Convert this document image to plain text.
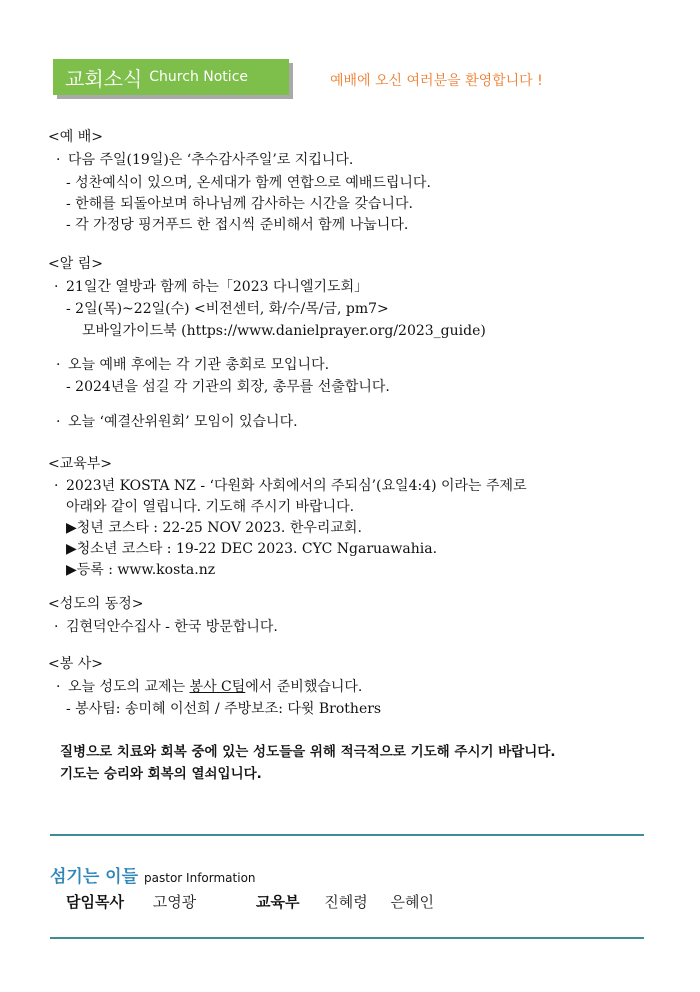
교회소식 Church Notice	예배에 오신 여러분을 환영합니다 !
<예 배>
· 다음 주일(19일)은 ‘추수감사주일’로 지킵니다.
- 성찬예식이 있으며, 온세대가 함께 연합으로 예배드립니다.
- 한해를 되돌아보며 하나님께 감사하는 시간을 갖습니다.
- 각 가정당 핑거푸드 한 접시씩 준비해서 함께 나눕니다.
<알 림>
· 21일간 열방과 함께 하는「2023 다니엘기도회」
- 2일(목)~22일(수) <비전센터, 화/수/목/금, pm7>
모바일가이드북 (https://www.danielprayer.org/2023_guide)
· 오늘 예배 후에는 각 기관 총회로 모입니다.
- 2024년을 섬길 각 기관의 회장, 총무를 선출합니다.
· 오늘 ‘예결산위원회’ 모임이 있습니다.
<교육부>
· 2023년 KOSTA NZ - ‘다원화 사회에서의 주되심’(요일4:4) 이라는 주제로
아래와 같이 열립니다. 기도해 주시기 바랍니다.
▶청년 코스타 : 22-25 NOV 2023. 한우리교회.
▶청소년 코스타 : 19-22 DEC 2023. CYC Ngaruawahia.
▶등록 : www.kosta.nz
<성도의 동정>
· 김현덕안수집사 - 한국 방문합니다.
<봉 사>
· 오늘 성도의 교제는 봉사 C팀에서 준비했습니다.
- 봉사팀: 송미혜 이선희 / 주방보조: 다윗 Brothers
질병으로 치료와 회복 중에 있는 성도들을 위해 적극적으로 기도해 주시기 바랍니다.
기도는 승리와 회복의 열쇠입니다.
섬기는 이들 pastor Information
담임목사 고영광	교육부 진혜령 은혜인
